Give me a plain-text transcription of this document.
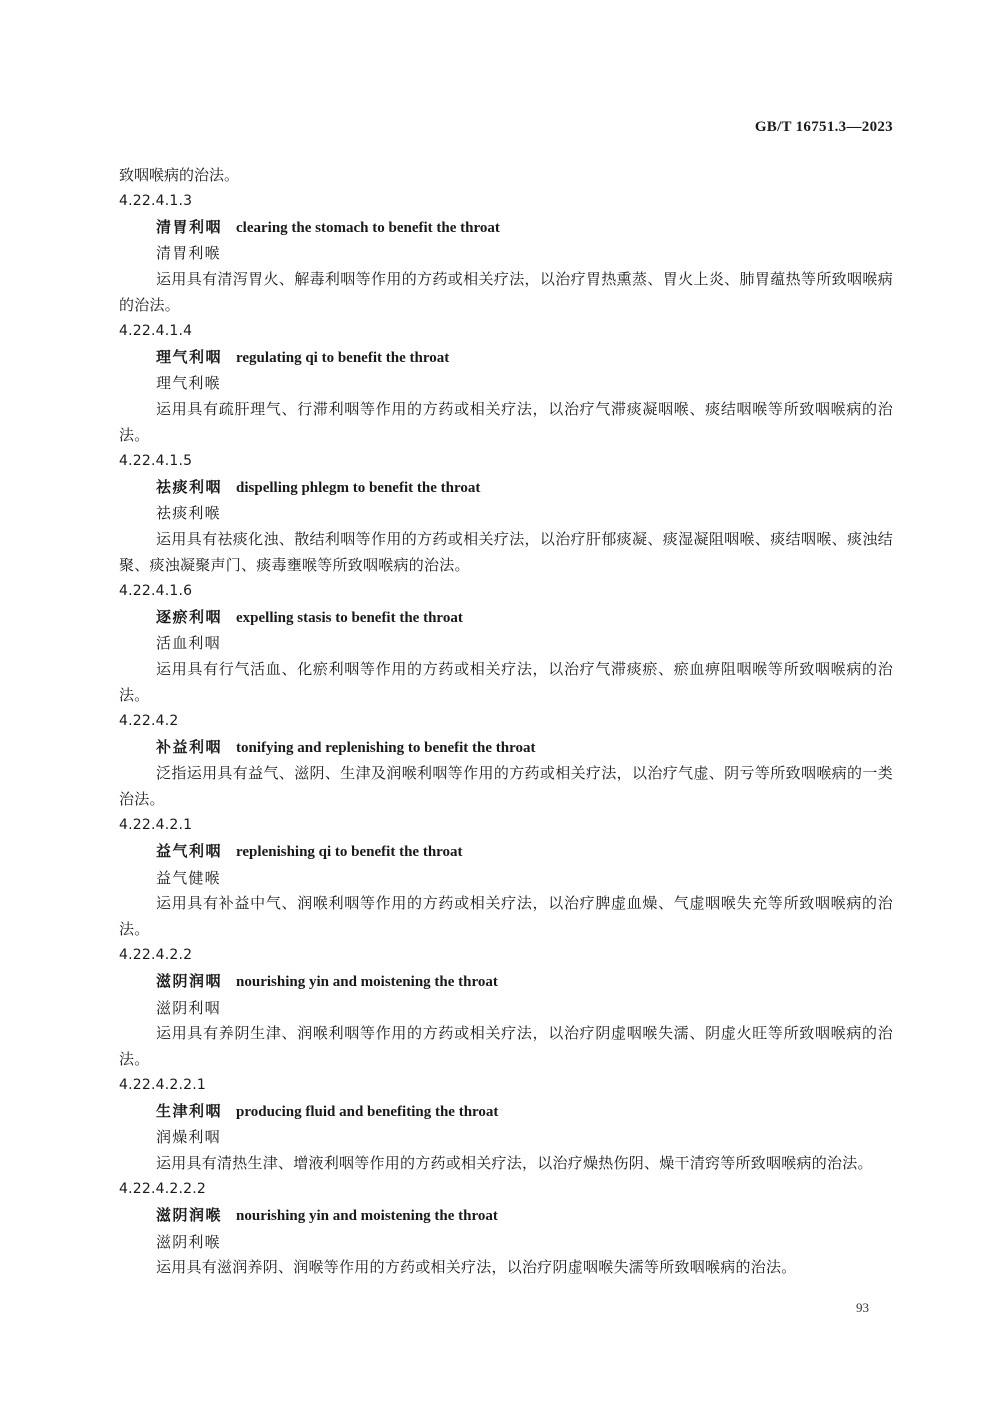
GB/T 16751.3—2023

致咽喉病的治法。

4.22.4.1.3

清胃利咽 clearing the stomach to benefit the throat

清胃利喉

运用具有清泻胃火、解毒利咽等作用的方药或相关疗法，以治疗胃热熏蒸、胃火上炎、肺胃蕴热等所致咽喉病的治法。

4.22.4.1.4

理气利咽 regulating qi to benefit the throat

理气利喉

运用具有疏肝理气、行滞利咽等作用的方药或相关疗法，以治疗气滞痰凝咽喉、痰结咽喉等所致咽喉病的治法。

4.22.4.1.5

祛痰利咽 dispelling phlegm to benefit the throat

祛痰利喉

运用具有祛痰化浊、散结利咽等作用的方药或相关疗法，以治疗肝郁痰凝、痰湿凝阻咽喉、痰结咽喉、痰浊结聚、痰浊凝聚声门、痰毒壅喉等所致咽喉病的治法。

4.22.4.1.6

逐瘀利咽 expelling stasis to benefit the throat

活血利咽

运用具有行气活血、化瘀利咽等作用的方药或相关疗法，以治疗气滞痰瘀、瘀血痹阻咽喉等所致咽喉病的治法。

4.22.4.2

补益利咽 tonifying and replenishing to benefit the throat

泛指运用具有益气、滋阴、生津及润喉利咽等作用的方药或相关疗法，以治疗气虚、阴亏等所致咽喉病的一类治法。

4.22.4.2.1

益气利咽 replenishing qi to benefit the throat

益气健喉

运用具有补益中气、润喉利咽等作用的方药或相关疗法，以治疗脾虚血燥、气虚咽喉失充等所致咽喉病的治法。

4.22.4.2.2

滋阴润咽 nourishing yin and moistening the throat

滋阴利咽

运用具有养阴生津、润喉利咽等作用的方药或相关疗法，以治疗阴虚咽喉失濡、阴虚火旺等所致咽喉病的治法。

4.22.4.2.2.1

生津利咽 producing fluid and benefiting the throat

润燥利咽

运用具有清热生津、增液利咽等作用的方药或相关疗法，以治疗燥热伤阴、燥干清窍等所致咽喉病的治法。

4.22.4.2.2.2

滋阴润喉 nourishing yin and moistening the throat

滋阴利喉

运用具有滋润养阴、润喉等作用的方药或相关疗法，以治疗阴虚咽喉失濡等所致咽喉病的治法。

93
